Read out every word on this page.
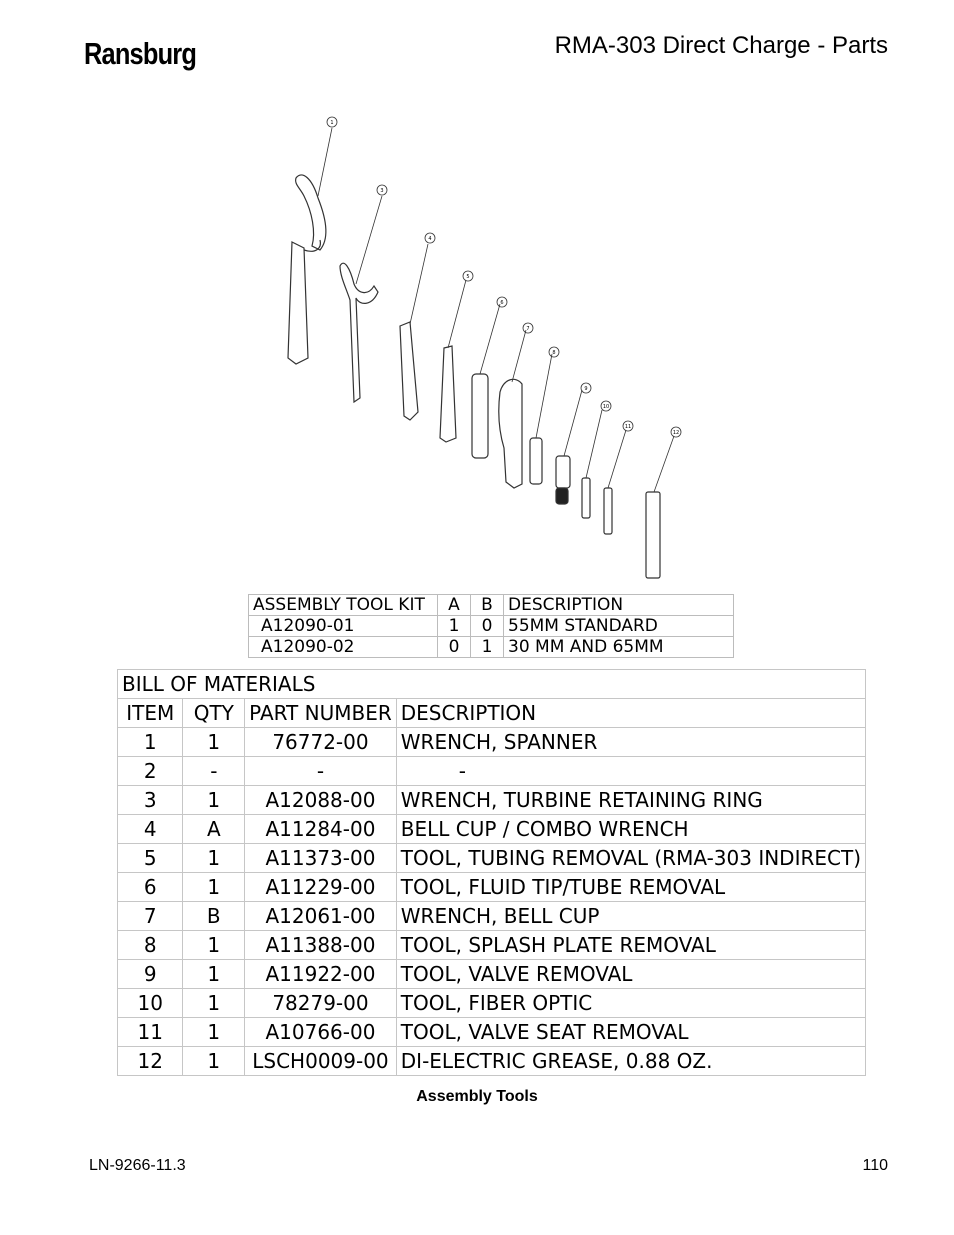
Ransburg	RMA-303 Direct Charge - Parts
1
3
4
5
6
7
8
9
10
11
12
ASSEMBLY TOOL KIT	A	B	DESCRIPTION
A12090-01	1	0	55MM STANDARD
A12090-02	0	1	30 MM AND 65MM
BILL OF MATERIALS			
ITEM	QTY	PART NUMBER	DESCRIPTION
1	1	76772-00	WRENCH, SPANNER
2	-	-	-
3	1	A12088-00	WRENCH, TURBINE RETAINING RING
4	A	A11284-00	BELL CUP / COMBO WRENCH
5	1	A11373-00	TOOL, TUBING REMOVAL (RMA-303 INDIRECT)
6	1	A11229-00	TOOL, FLUID TIP/TUBE REMOVAL
7	B	A12061-00	WRENCH, BELL CUP
8	1	A11388-00	TOOL, SPLASH PLATE REMOVAL
9	1	A11922-00	TOOL, VALVE REMOVAL
10	1	78279-00	TOOL, FIBER OPTIC
11	1	A10766-00	TOOL, VALVE SEAT REMOVAL
12	1	LSCH0009-00	DI-ELECTRIC GREASE, 0.88 OZ.
Assembly Tools
LN-9266-11.3	110
